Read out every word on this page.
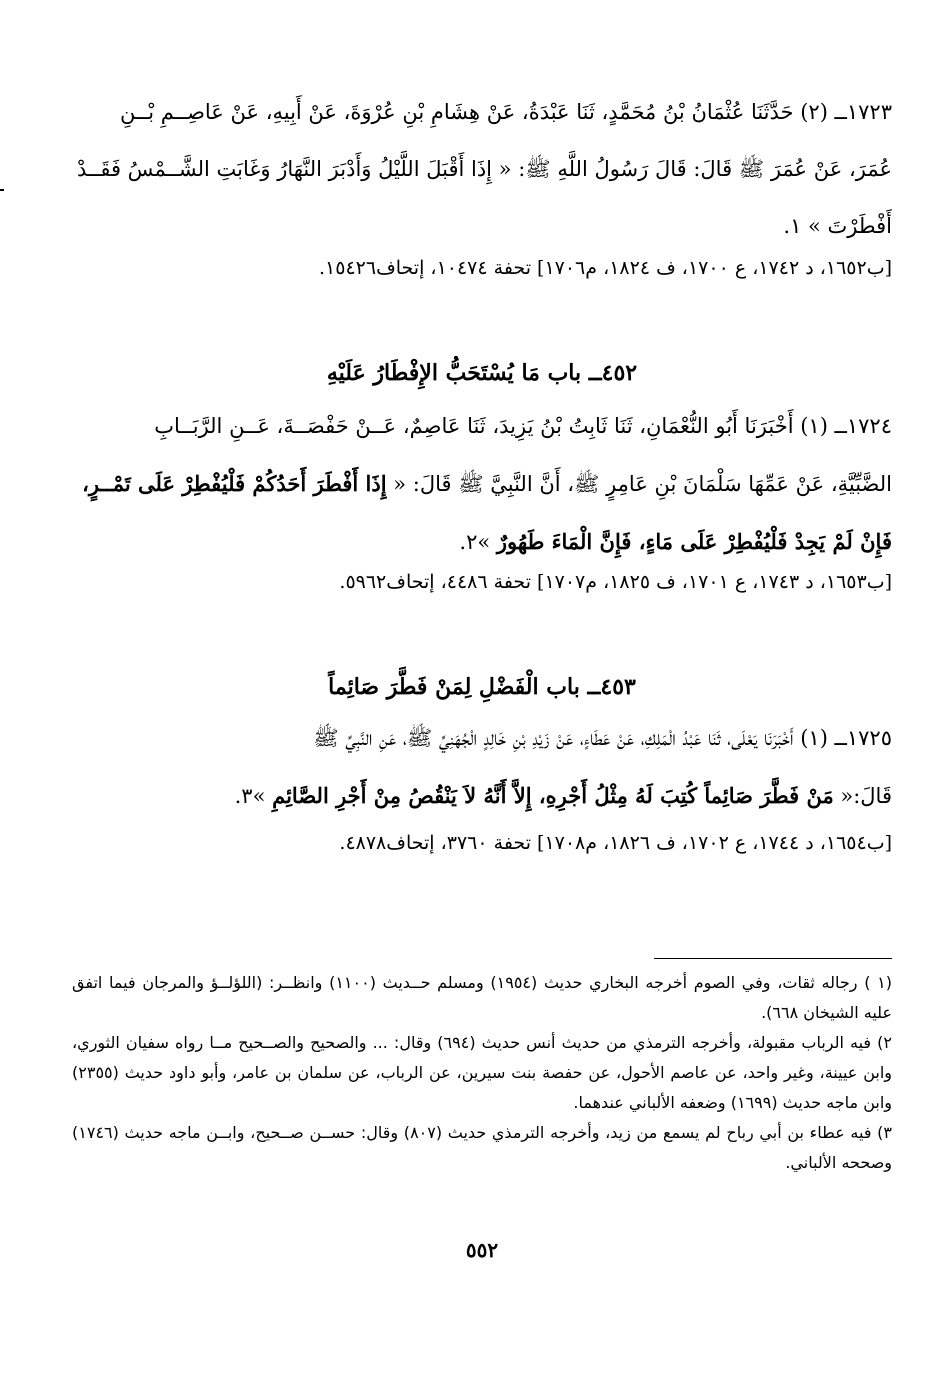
١٧٢٣ــ (٢) حَدَّثَنَا عُثْمَانُ بْنُ مُحَمَّدٍ، ثَنَا عَبْدَةُ، عَنْ هِشَامِ بْنِ عُرْوَةَ، عَنْ أَبِيهِ، عَنْ عَاصِــمِ بْــنِ
عُمَرَ، عَنْ عُمَرَ ﷺ قَالَ: قَالَ رَسُولُ اللَّهِ ﷺ: « إِذَا أَقْبَلَ اللَّيْلُ وَأَدْبَرَ النَّهَارُ وَغَابَتِ الشَّــمْسُ فَقَــدْ
أَفْطَرْتَ » ١.
[ب١٦٥٢، د ١٧٤٢، ع ١٧٠٠، ف ١٨٢٤، م١٧٠٦] تحفة ١٠٤٧٤، إتحاف١٥٤٢٦.
٤٥٢ــ باب مَا يُسْتَحَبُّ الإِفْطَارُ عَلَيْهِ
١٧٢٤ــ (١) أَخْبَرَنَا أَبُو النُّعْمَانِ، ثَنَا ثَابِتُ بْنُ يَزِيدَ، ثَنَا عَاصِمٌ، عَــنْ حَفْصَــةَ، عَــنِ الرَّبَــابِ
الضَّبِّيَّةِ، عَنْ عَمِّهَا سَلْمَانَ بْنِ عَامِرٍ ﷺ، أَنَّ النَّبِيَّ ﷺ قَالَ: « إِذَا أَفْطَرَ أَحَدُكُمْ فَلْيُفْطِرْ عَلَى تَمْــرٍ،
فَإِنْ لَمْ يَجِدْ فَلْيُفْطِرْ عَلَى مَاءٍ، فَإِنَّ الْمَاءَ طَهُورٌ »٢.
[ب١٦٥٣، د ١٧٤٣، ع ١٧٠١، ف ١٨٢٥، م١٧٠٧] تحفة ٤٤٨٦، إتحاف٥٩٦٢.
٤٥٣ــ باب الْفَضْلِ لِمَنْ فَطَّرَ صَائِماً
١٧٢٥ــ (١) أَخْبَرَنَا يَعْلَى، ثَنَا عَبْدُ الْمَلِكِ، عَنْ عَطَاءٍ، عَنْ زَيْدِ بْنِ خَالِدٍ الْجُهَنِيِّ ﷺ، عَنِ النَّبِيِّ ﷺ
قَالَ:« مَنْ فَطَّرَ صَائِماً كُتِبَ لَهُ مِثْلُ أَجْرِهِ، إِلاَّ أَنَّهُ لاَ يَنْقُصُ مِنْ أَجْرِ الصَّائِمِ »٣.
[ب١٦٥٤، د ١٧٤٤، ع ١٧٠٢، ف ١٨٢٦، م١٧٠٨] تحفة ٣٧٦٠، إتحاف٤٨٧٨.
(١ ) رجاله ثقات، وفي الصوم أخرجه البخاري حديث (١٩٥٤) ومسلم حــديث (١١٠٠) وانظــر: (اللؤلــؤ والمرجان فيما اتفق عليه الشيخان ٦٦٨).
٢) فيه الرباب مقبولة، وأخرجه الترمذي من حديث أنس حديث (٦٩٤) وقال: ... والصحيح والصــحيح مــا رواه سفيان الثوري، وابن عيينة، وغير واحد، عن عاصم الأحول، عن حفصة بنت سيرين، عن الرباب، عن سلمان بن عامر، وأبو داود حديث (٢٣٥٥) وابن ماجه حديث (١٦٩٩) وضعفه الألباني عندهما.
٣) فيه عطاء بن أبي رباح لم يسمع من زيد، وأخرجه الترمذي حديث (٨٠٧) وقال: حســن صــحيح، وابــن ماجه حديث (١٧٤٦) وصححه الألباني.
٥٥٢
